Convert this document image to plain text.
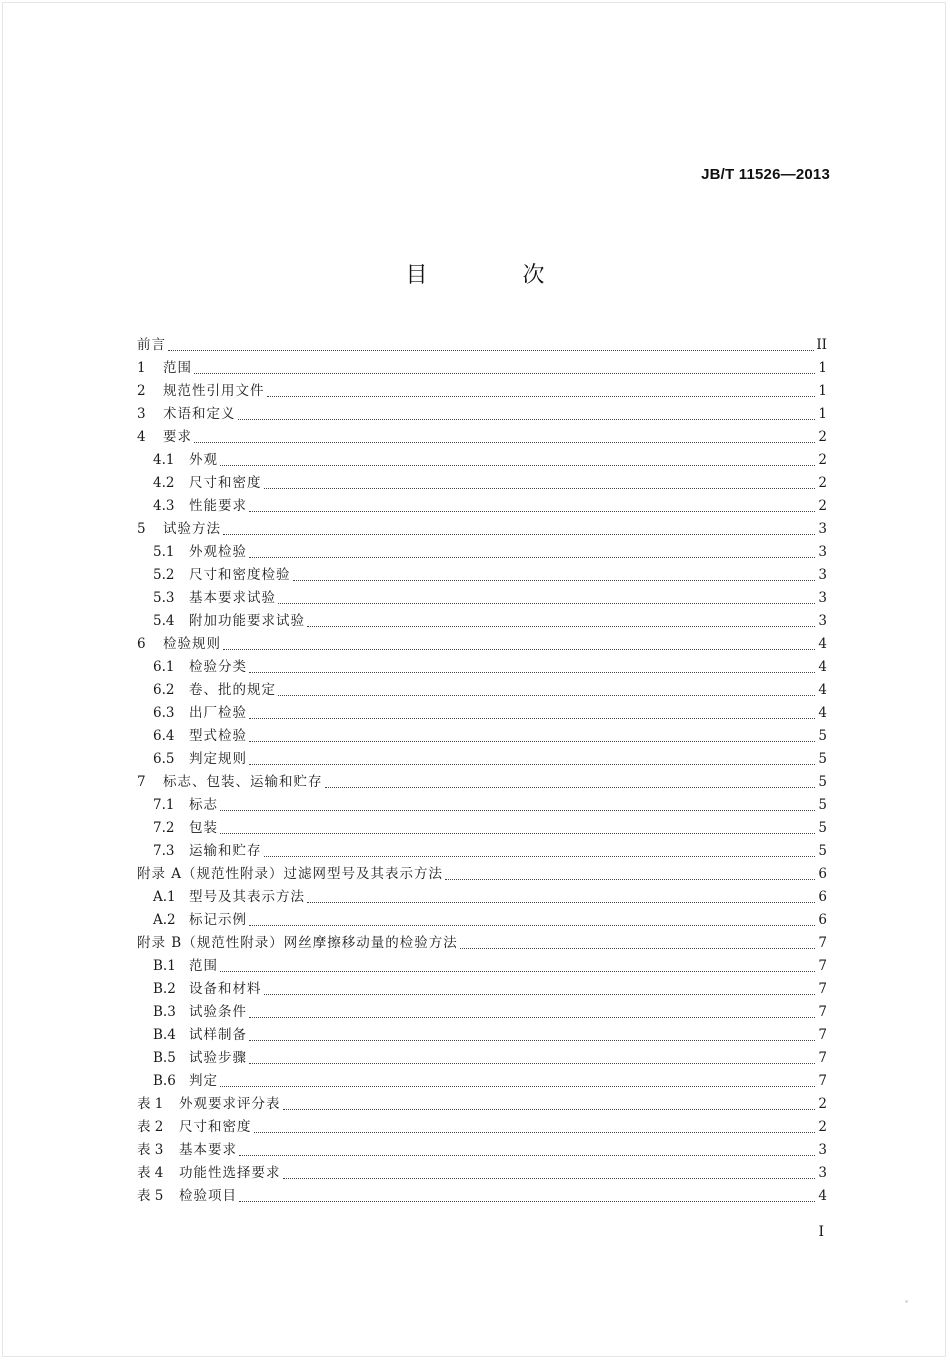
JB/T 11526—2013
目 次
前言	II
1	范围	1
2	规范性引用文件	1
3	术语和定义	1
4	要求	2
4.1	外观	2
4.2	尺寸和密度	2
4.3	性能要求	2
5	试验方法	3
5.1	外观检验	3
5.2	尺寸和密度检验	3
5.3	基本要求试验	3
5.4	附加功能要求试验	3
6	检验规则	4
6.1	检验分类	4
6.2	卷、批的规定	4
6.3	出厂检验	4
6.4	型式检验	5
6.5	判定规则	5
7	标志、包装、运输和贮存	5
7.1	标志	5
7.2	包装	5
7.3	运输和贮存	5
附录 A（规范性附录）过滤网型号及其表示方法	6
A.1 型号及其表示方法	6
A.2 标记示例	6
附录 B（规范性附录）网丝摩擦移动量的检验方法	7
B.1 范围	7
B.2 设备和材料	7
B.3 试验条件	7
B.4 试样制备	7
B.5 试验步骤	7
B.6 判定	7
表 1	外观要求评分表	2
表 2	尺寸和密度	2
表 3	基本要求	3
表 4	功能性选择要求	3
表 5	检验项目	4
I
